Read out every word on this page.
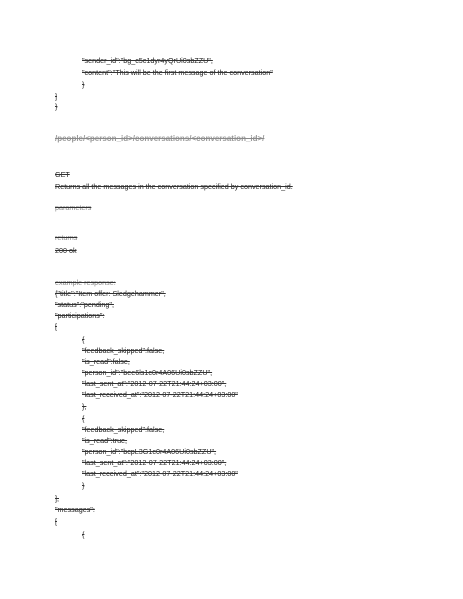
"sender_id":"bg_c5c1dyr4yQrUi0sbZZU",
"content":"This will be the first message of the conversation"
}
]
}
/people/<person_id>/conversations/<conversation_id>/
GET
Returns all the messages in the conversation specified by conversation_id.
parameters
returns
200 ok
example response:
{"title":"Item offer: Sledgehammer",
"status":"pending",
"participations":
[
{
"feedback_skipped":false,
"is_read":false,
"person_id":"bee6ls1c0r4A06Ui0sbZZU",
"last_sent_at":"2012-07-22T21:44:24+03:00",
"last_received_at":"2012-07-22T21:44:24+03:00"
},
{
"feedback_skipped":false,
"is_read":true,
"person_id":"bcpL3G1c0r4A06Ui0sbZZU",
"last_sent_at":"2012-07-22T21:44:24+03:00",
"last_received_at":"2012-07-22T21:44:24+03:00"
}
],
"messages":
[
{
